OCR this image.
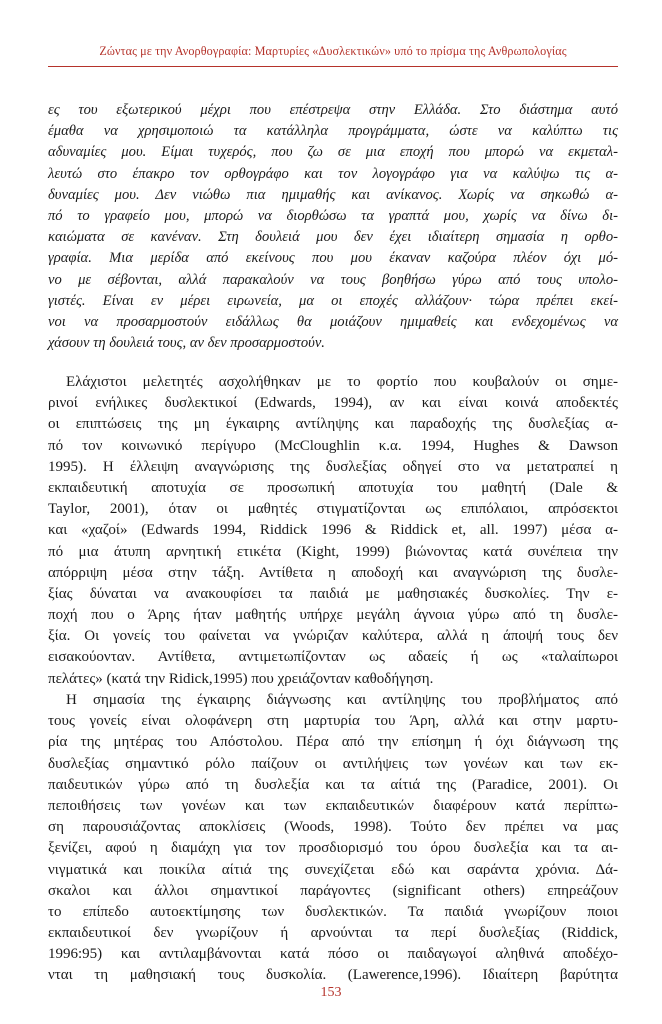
Ζώντας με την Ανορθογραφία: Μαρτυρίες «Δυσλεκτικών» υπό το πρίσμα της Ανθρωπολογίας
ες του εξωτερικού μέχρι που επέστρεψα στην Ελλάδα. Στο διάστημα αυτό
έμαθα να χρησιμοποιώ τα κατάλληλα προγράμματα, ώστε να καλύπτω τις
αδυναμίες μου. Είμαι τυχερός, που ζω σε μια εποχή που μπορώ να εκμεταλ-
λευτώ στο έπακρο τον ορθογράφο και τον λογογράφο για να καλύψω τις α-
δυναμίες μου. Δεν νιώθω πια ημιμαθής και ανίκανος. Χωρίς να σηκωθώ α-
πό το γραφείο μου, μπορώ να διορθώσω τα γραπτά μου, χωρίς να δίνω δι-
καιώματα σε κανέναν. Στη δουλειά μου δεν έχει ιδιαίτερη σημασία η ορθο-
γραφία. Μια μερίδα από εκείνους που μου έκαναν καζούρα πλέον όχι μό-
νο με σέβονται, αλλά παρακαλούν να τους βοηθήσω γύρω από τους υπολο-
γιστές. Είναι εν μέρει ειρωνεία, μα οι εποχές αλλάζουν· τώρα πρέπει εκεί-
νοι να προσαρμοστούν ειδάλλως θα μοιάζουν ημιμαθείς και ενδεχομένως να
χάσουν τη δουλειά τους, αν δεν προσαρμοστούν.
Ελάχιστοι μελετητές ασχολήθηκαν με το φορτίο που κουβαλούν οι σημε-
ρινοί ενήλικες δυσλεκτικοί (Edwards, 1994), αν και είναι κοινά αποδεκτές
οι επιπτώσεις της μη έγκαιρης αντίληψης και παραδοχής της δυσλεξίας α-
πό τον κοινωνικό περίγυρο (McCloughlin κ.α. 1994, Hughes & Dawson
1995). Η έλλειψη αναγνώρισης της δυσλεξίας οδηγεί στο να μετατραπεί η
εκπαιδευτική αποτυχία σε προσωπική αποτυχία του μαθητή (Dale &
Taylor, 2001), όταν οι μαθητές στιγματίζονται ως επιπόλαιοι, απρόσεκτοι
και «χαζοί» (Edwards 1994, Riddick 1996 & Riddick et, all. 1997) μέσα α-
πό μια άτυπη αρνητική ετικέτα (Kight, 1999) βιώνοντας κατά συνέπεια την
απόρριψη μέσα στην τάξη. Αντίθετα η αποδοχή και αναγνώριση της δυσλε-
ξίας δύναται να ανακουφίσει τα παιδιά με μαθησιακές δυσκολίες. Την ε-
ποχή που ο Άρης ήταν μαθητής υπήρχε μεγάλη άγνοια γύρω από τη δυσλε-
ξία. Οι γονείς του φαίνεται να γνώριζαν καλύτερα, αλλά η άποψή τους δεν
εισακούονταν. Αντίθετα, αντιμετωπίζονταν ως αδαείς ή ως «ταλαίπωροι
πελάτες» (κατά την Ridick,1995) που χρειάζονταν καθοδήγηση.
Η σημασία της έγκαιρης διάγνωσης και αντίληψης του προβλήματος από
τους γονείς είναι ολοφάνερη στη μαρτυρία του Άρη, αλλά και στην μαρτυ-
ρία της μητέρας του Απόστολου. Πέρα από την επίσημη ή όχι διάγνωση της
δυσλεξίας σημαντικό ρόλο παίζουν οι αντιλήψεις των γονέων και των εκ-
παιδευτικών γύρω από τη δυσλεξία και τα αίτιά της (Paradice, 2001). Οι
πεποιθήσεις των γονέων και των εκπαιδευτικών διαφέρουν κατά περίπτω-
ση παρουσιάζοντας αποκλίσεις (Woods, 1998). Τούτο δεν πρέπει να μας
ξενίζει, αφού η διαμάχη για τον προσδιορισμό του όρου δυσλεξία και τα αι-
νιγματικά και ποικίλα αίτιά της συνεχίζεται εδώ και σαράντα χρόνια. Δά-
σκαλοι και άλλοι σημαντικοί παράγοντες (significant others) επηρεάζουν
το επίπεδο αυτοεκτίμησης των δυσλεκτικών. Τα παιδιά γνωρίζουν ποιοι
εκπαιδευτικοί δεν γνωρίζουν ή αρνούνται τα περί δυσλεξίας (Riddick,
1996:95) και αντιλαμβάνονται κατά πόσο οι παιδαγωγοί αληθινά αποδέχο-
νται τη μαθησιακή τους δυσκολία. (Lawerence,1996). Ιδιαίτερη βαρύτητα
153
